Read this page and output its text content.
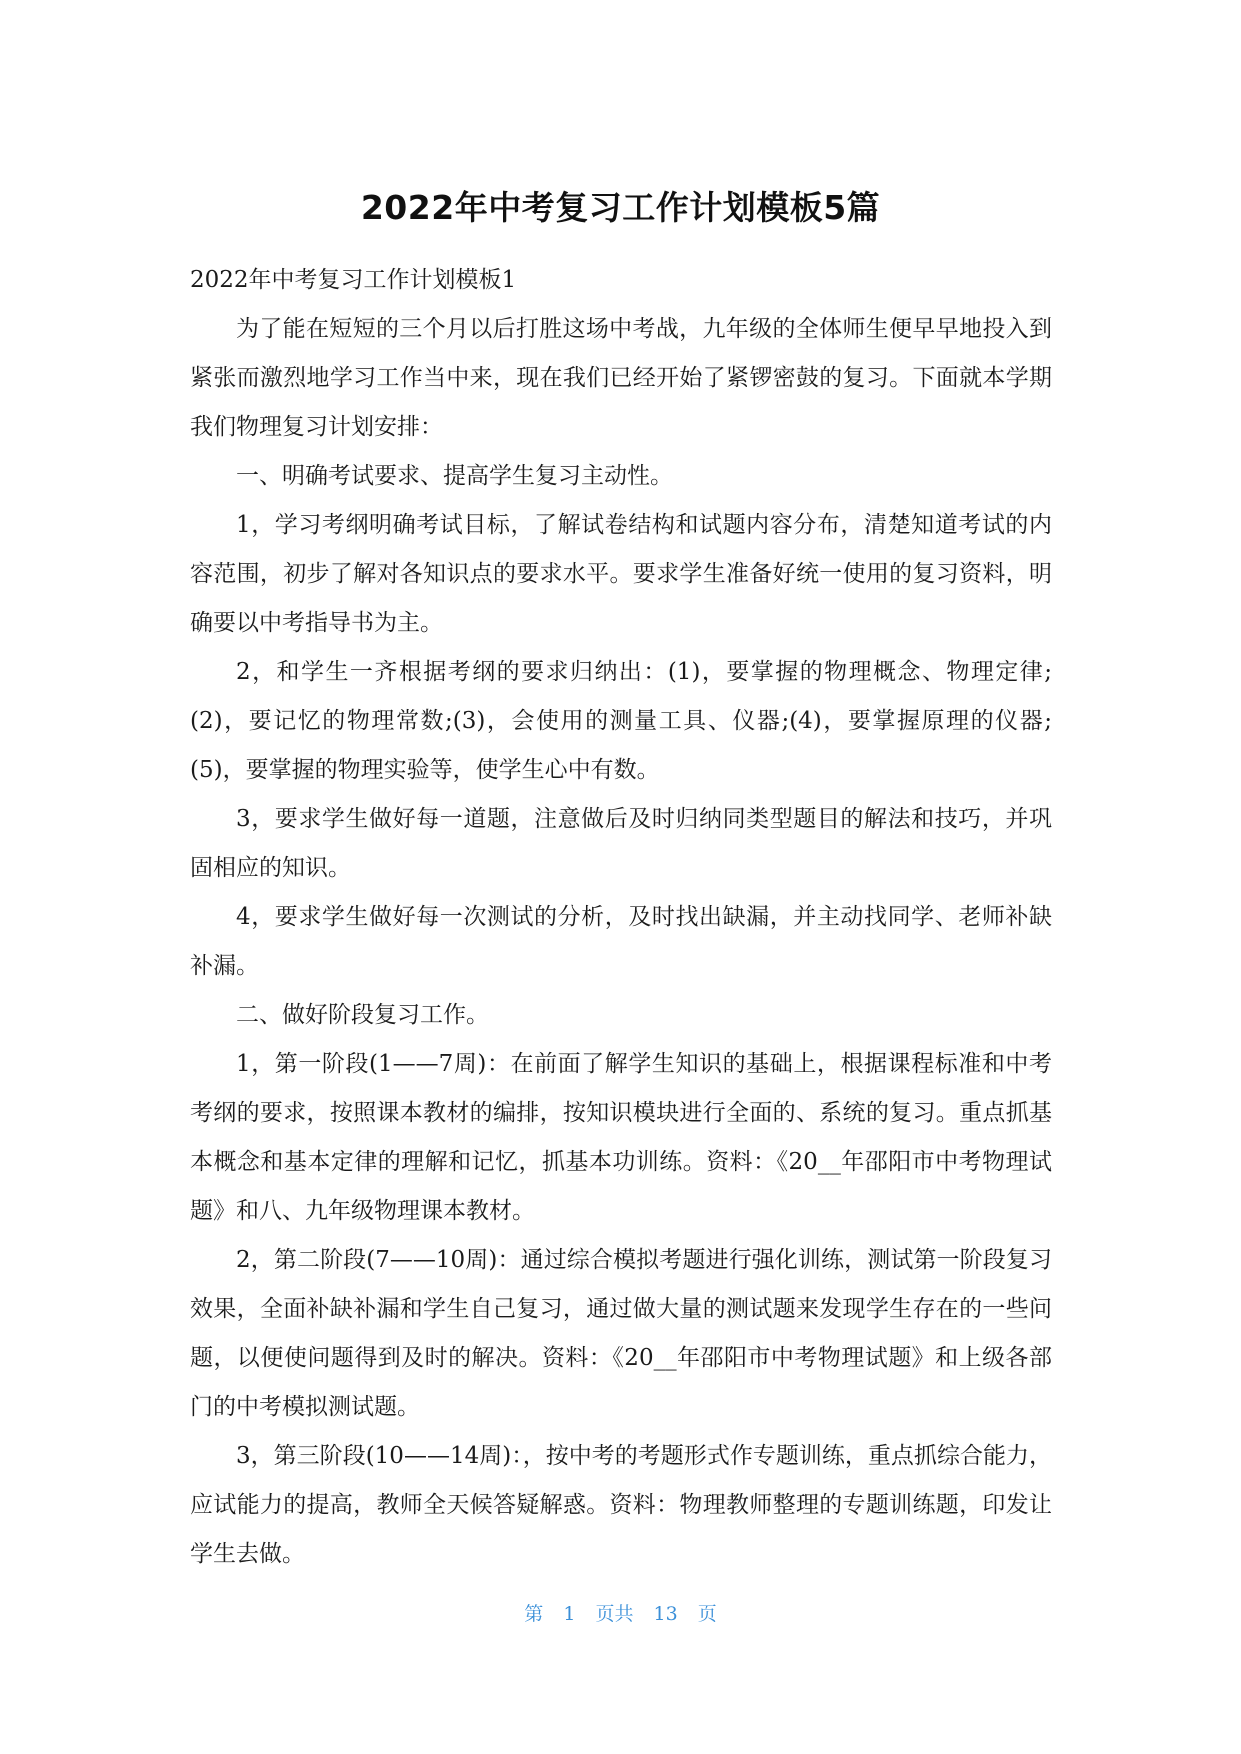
2022年中考复习工作计划模板5篇

2022年中考复习工作计划模板1

为了能在短短的三个月以后打胜这场中考战，九年级的全体师生便早早地投入到紧张而激烈地学习工作当中来，现在我们已经开始了紧锣密鼓的复习。下面就本学期我们物理复习计划安排：

一、明确考试要求、提高学生复习主动性。

1，学习考纲明确考试目标，了解试卷结构和试题内容分布，清楚知道考试的内容范围，初步了解对各知识点的要求水平。要求学生准备好统一使用的复习资料，明确要以中考指导书为主。

2，和学生一齐根据考纲的要求归纳出：(1)，要掌握的物理概念、物理定律;(2)，要记忆的物理常数;(3)，会使用的测量工具、仪器;(4)，要掌握原理的仪器;(5)，要掌握的物理实验等，使学生心中有数。

3，要求学生做好每一道题，注意做后及时归纳同类型题目的解法和技巧，并巩固相应的知识。

4，要求学生做好每一次测试的分析，及时找出缺漏，并主动找同学、老师补缺补漏。

二、做好阶段复习工作。

1，第一阶段(1——7周)：在前面了解学生知识的基础上，根据课程标准和中考考纲的要求，按照课本教材的编排，按知识模块进行全面的、系统的复习。重点抓基本概念和基本定律的理解和记忆，抓基本功训练。资料：《20__年邵阳市中考物理试题》和八、九年级物理课本教材。

2，第二阶段(7——10周)：通过综合模拟考题进行强化训练，测试第一阶段复习效果，全面补缺补漏和学生自己复习，通过做大量的测试题来发现学生存在的一些问题，以便使问题得到及时的解决。资料：《20__年邵阳市中考物理试题》和上级各部门的中考模拟测试题。

3，第三阶段(10——14周)：，按中考的考题形式作专题训练，重点抓综合能力，应试能力的提高，教师全天候答疑解惑。资料：物理教师整理的专题训练题，印发让学生去做。

第 1 页共 13 页
